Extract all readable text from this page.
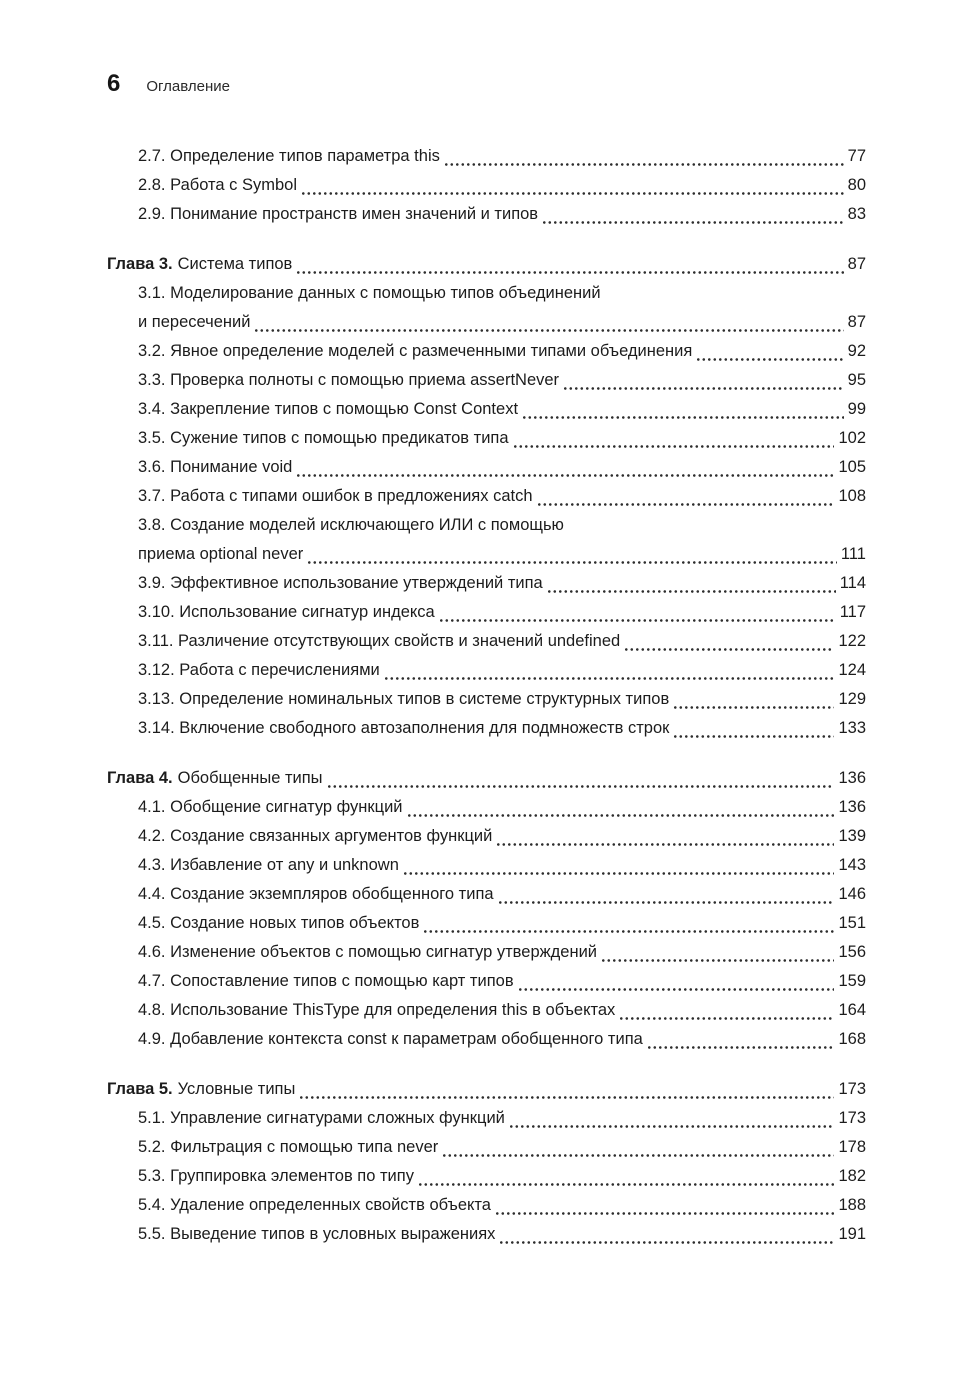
6 Оглавление
2.7. Определение типов параметра this	77
2.8. Работа с Symbol	80
2.9. Понимание пространств имен значений и типов	83
Глава 3. Система типов	87
3.1. Моделирование данных с помощью типов объединений
и пересечений	87
3.2. Явное определение моделей с размеченными типами объединения	92
3.3. Проверка полноты с помощью приема assertNever	95
3.4. Закрепление типов с помощью Const Context	99
3.5. Сужение типов с помощью предикатов типа	102
3.6. Понимание void	105
3.7. Работа с типами ошибок в предложениях catch	108
3.8. Создание моделей исключающего ИЛИ с помощью
приема optional never	111
3.9. Эффективное использование утверждений типа	114
3.10. Использование сигнатур индекса	117
3.11. Различение отсутствующих свойств и значений undefined	122
3.12. Работа с перечислениями	124
3.13. Определение номинальных типов в системе структурных типов	129
3.14. Включение свободного автозаполнения для подмножеств строк	133
Глава 4. Обобщенные типы	136
4.1. Обобщение сигнатур функций	136
4.2. Создание связанных аргументов функций	139
4.3. Избавление от any и unknown	143
4.4. Создание экземпляров обобщенного типа	146
4.5. Создание новых типов объектов	151
4.6. Изменение объектов с помощью сигнатур утверждений	156
4.7. Сопоставление типов с помощью карт типов	159
4.8. Использование ThisType для определения this в объектах	164
4.9. Добавление контекста const к параметрам обобщенного типа	168
Глава 5. Условные типы	173
5.1. Управление сигнатурами сложных функций	173
5.2. Фильтрация с помощью типа never	178
5.3. Группировка элементов по типу	182
5.4. Удаление определенных свойств объекта	188
5.5. Выведение типов в условных выражениях	191
